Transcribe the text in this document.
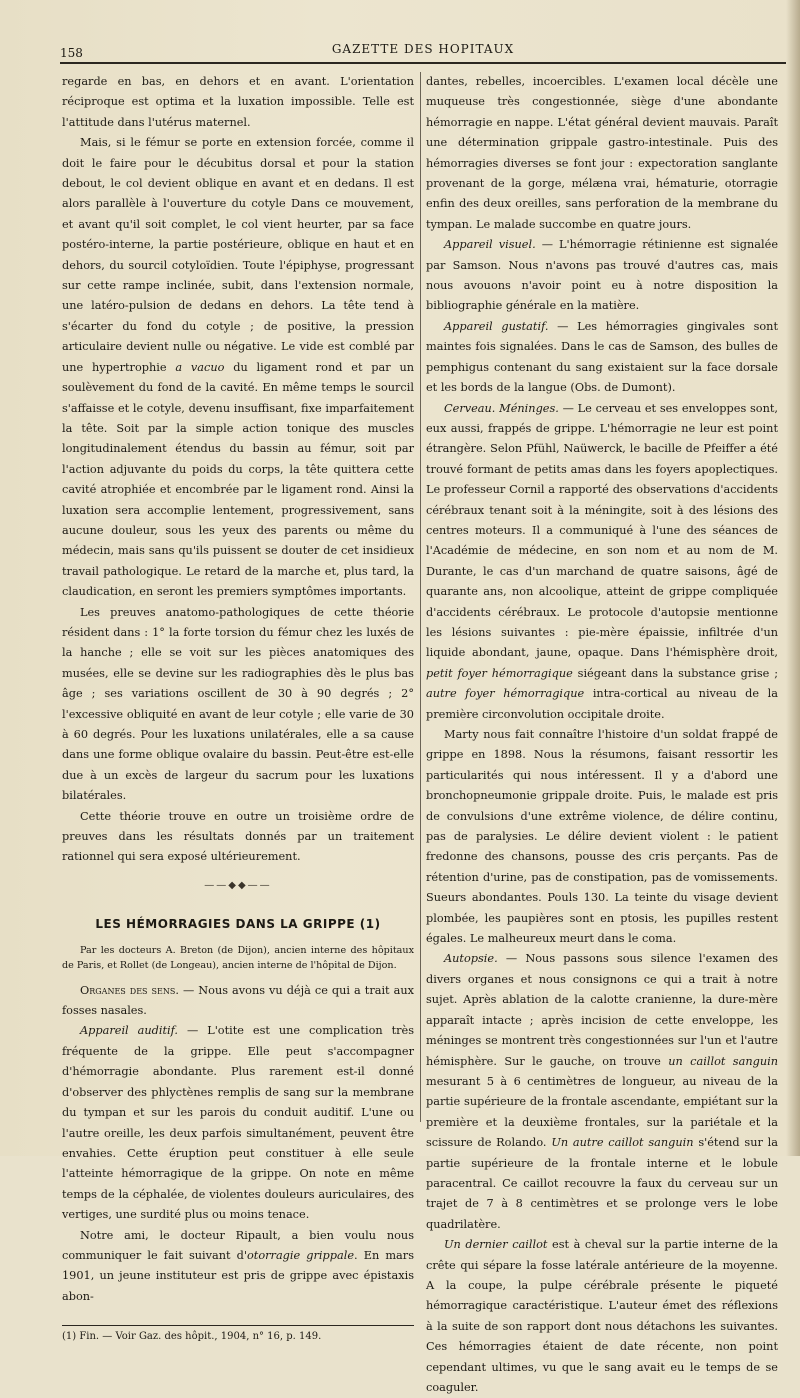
158	GAZETTE DES HOPITAUX

regarde en bas, en dehors et en avant. L'orientation réciproque est optima et la luxation impossible. Telle est l'attitude dans l'utérus maternel.

Mais, si le fémur se porte en extension forcée, comme il doit le faire pour le décubitus dorsal et pour la station debout, le col devient oblique en avant et en dedans. Il est alors parallèle à l'ouverture du cotyle Dans ce mouvement, et avant qu'il soit complet, le col vient heurter, par sa face postéro-interne, la partie postérieure, oblique en haut et en dehors, du sourcil cotyloïdien. Toute l'épiphyse, progressant sur cette rampe inclinée, subit, dans l'extension normale, une latéro-pulsion de dedans en dehors. La tête tend à s'écarter du fond du cotyle ; de positive, la pression articulaire devient nulle ou négative. Le vide est comblé par une hypertrophie a vacuo du ligament rond et par un soulèvement du fond de la cavité. En même temps le sourcil s'affaisse et le cotyle, devenu insuffisant, fixe imparfaitement la tête. Soit par la simple action tonique des muscles longitudinalement étendus du bassin au fémur, soit par l'action adjuvante du poids du corps, la tête quittera cette cavité atrophiée et encombrée par le ligament rond. Ainsi la luxation sera accomplie lentement, progressivement, sans aucune douleur, sous les yeux des parents ou même du médecin, mais sans qu'ils puissent se douter de cet insidieux travail pathologique. Le retard de la marche et, plus tard, la claudication, en seront les premiers symptômes importants.

Les preuves anatomo-pathologiques de cette théorie résident dans : 1° la forte torsion du fémur chez les luxés de la hanche ; elle se voit sur les pièces anatomiques des musées, elle se devine sur les radiographies dès le plus bas âge ; ses variations oscillent de 30 à 90 degrés ; 2° l'excessive obliquité en avant de leur cotyle ; elle varie de 30 à 60 degrés. Pour les luxations unilatérales, elle a sa cause dans une forme oblique ovalaire du bassin. Peut-être est-elle due à un excès de largeur du sacrum pour les luxations bilatérales.

Cette théorie trouve en outre un troisième ordre de preuves dans les résultats donnés par un traitement rationnel qui sera exposé ultérieurement.

——◆◆——
LES HÉMORRAGIES DANS LA GRIPPE (1)

Par les docteurs A. Breton (de Dijon), ancien interne des hôpitaux de Paris, et Rollet (de Longeau), ancien interne de l'hôpital de Dijon.

Organes des sens. — Nous avons vu déjà ce qui a trait aux fosses nasales.

Appareil auditif. — L'otite est une complication très fréquente de la grippe. Elle peut s'accompagner d'hémorragie abondante. Plus rarement est-il donné d'observer des phlyctènes remplis de sang sur la membrane du tympan et sur les parois du conduit auditif. L'une ou l'autre oreille, les deux parfois simultanément, peuvent être envahies. Cette éruption peut constituer à elle seule l'atteinte hémorragique de la grippe. On note en même temps de la céphalée, de violentes douleurs auriculaires, des vertiges, une surdité plus ou moins tenace.

Notre ami, le docteur Ripault, a bien voulu nous communiquer le fait suivant d'otorragie grippale. En mars 1901, un jeune instituteur est pris de grippe avec épistaxis abon-

(1) Fin. — Voir Gaz. des hôpit., 1904, n° 16, p. 149.

dantes, rebelles, incoercibles. L'examen local décèle une muqueuse très congestionnée, siège d'une abondante hémorragie en nappe. L'état général devient mauvais. Paraît une détermination grippale gastro-intestinale. Puis des hémorragies diverses se font jour : expectoration sanglante provenant de la gorge, mélæna vrai, hématurie, otorragie enfin des deux oreilles, sans perforation de la membrane du tympan. Le malade succombe en quatre jours.

Appareil visuel. — L'hémorragie rétinienne est signalée par Samson. Nous n'avons pas trouvé d'autres cas, mais nous avouons n'avoir point eu à notre disposition la bibliographie générale en la matière.

Appareil gustatif. — Les hémorragies gingivales sont maintes fois signalées. Dans le cas de Samson, des bulles de pemphigus contenant du sang existaient sur la face dorsale et les bords de la langue (Obs. de Dumont).

Cerveau. Méninges. — Le cerveau et ses enveloppes sont, eux aussi, frappés de grippe. L'hémorragie ne leur est point étrangère. Selon Pfühl, Naüwerck, le bacille de Pfeiffer a été trouvé formant de petits amas dans les foyers apoplectiques. Le professeur Cornil a rapporté des observations d'accidents cérébraux tenant soit à la méningite, soit à des lésions des centres moteurs. Il a communiqué à l'une des séances de l'Académie de médecine, en son nom et au nom de M. Durante, le cas d'un marchand de quatre saisons, âgé de quarante ans, non alcoolique, atteint de grippe compliquée d'accidents cérébraux. Le protocole d'autopsie mentionne les lésions suivantes : pie-mère épaissie, infiltrée d'un liquide abondant, jaune, opaque. Dans l'hémisphère droit, petit foyer hémorragique siégeant dans la substance grise ; autre foyer hémorragique intra-cortical au niveau de la première circonvolution occipitale droite.

Marty nous fait connaître l'histoire d'un soldat frappé de grippe en 1898. Nous la résumons, faisant ressortir les particularités qui nous intéressent. Il y a d'abord une bronchopneumonie grippale droite. Puis, le malade est pris de convulsions d'une extrême violence, de délire continu, pas de paralysies. Le délire devient violent : le patient fredonne des chansons, pousse des cris perçants. Pas de rétention d'urine, pas de constipation, pas de vomissements. Sueurs abondantes. Pouls 130. La teinte du visage devient plombée, les paupières sont en ptosis, les pupilles restent égales. Le malheureux meurt dans le coma.

Autopsie. — Nous passons sous silence l'examen des divers organes et nous consignons ce qui a trait à notre sujet. Après ablation de la calotte cranienne, la dure-mère apparaît intacte ; après incision de cette enveloppe, les méninges se montrent très congestionnées sur l'un et l'autre hémisphère. Sur le gauche, on trouve un caillot sanguin mesurant 5 à 6 centimètres de longueur, au niveau de la partie supérieure de la frontale ascendante, empiétant sur la première et la deuxième frontales, sur la pariétale et la scissure de Rolando. Un autre caillot sanguin s'étend sur la partie supérieure de la frontale interne et le lobule paracentral. Ce caillot recouvre la faux du cerveau sur un trajet de 7 à 8 centimètres et se prolonge vers le lobe quadrilatère.

Un dernier caillot est à cheval sur la partie interne de la crête qui sépare la fosse latérale antérieure de la moyenne. A la coupe, la pulpe cérébrale présente le piqueté hémorragique caractéristique. L'auteur émet des réflexions à la suite de son rapport dont nous détachons les suivantes. Ces hémorragies étaient de date récente, non point cependant ultimes, vu que le sang avait eu le temps de se coaguler.
